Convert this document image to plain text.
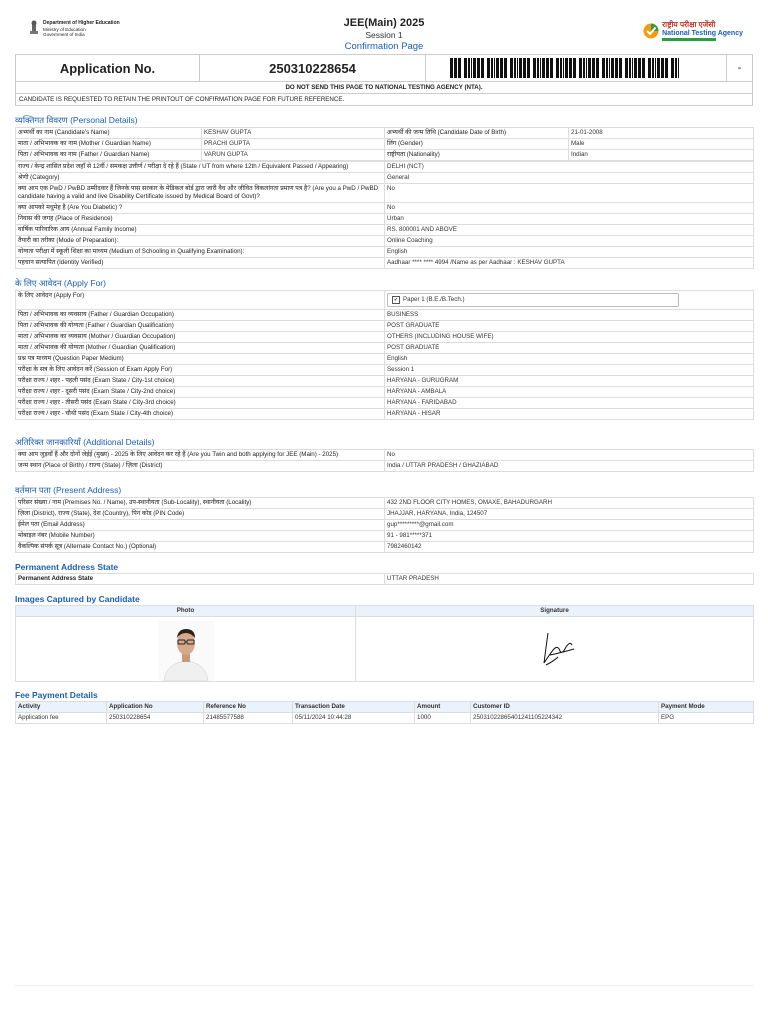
Department of Higher Education
Ministry of Education
Government of India
JEE(Main) 2025
Session 1
Confirmation Page
राष्ट्रीय परीक्षा एजेंसी
National Testing Agency
Application No.	250310228654	-
DO NOT SEND THIS PAGE TO NATIONAL TESTING AGENCY (NTA).
CANDIDATE IS REQUESTED TO RETAIN THE PRINTOUT OF CONFIRMATION PAGE FOR FUTURE REFERENCE.
व्यक्तिगत विवरण (Personal Details)
अभ्यर्थी का नाम (Candidate's Name)	KESHAV GUPTA	अभ्यर्थी की जन्म तिथि (Candidate Date of Birth)	21-01-2008
माता / अभिभावक का नाम (Mother / Guardian Name)	PRACHI GUPTA	लिंग (Gender)	Male
पिता / अभिभावक का नाम (Father / Guardian Name)	VARUN GUPTA	राष्ट्रीयता (Nationality)	Indian
राज्य / केन्द्र शासित प्रदेश जहाँ से 12वीं / समकक्ष उत्तीर्ण / परीक्षा दे रहे हैं (State / UT from where 12th / Equivalent Passed / Appearing)	DELHI (NCT)
श्रेणी (Category)	General
क्या आप एक PwD / PwBD उम्मीदवार हैं जिनके पास सरकार के मेडिकल बोर्ड द्वारा जारी वैध और जीवित विकलांगता प्रमाण पत्र है? (Are you a PwD / PwBD candidate having a valid and live Disability Certificate issued by Medical Board of Govt)?	No
क्या आपको मधुमेह है (Are You Diabetic) ?	No
निवास की जगह (Place of Residence)	Urban
वार्षिक पारिवारिक आय (Annual Family Income)	RS. 800001 AND ABOVE
तैयारी का तरीका (Mode of Preparation):	Online Coaching
योग्यता परीक्षा में स्कूली शिक्षा का माध्यम (Medium of Schooling in Qualifying Examination):	English
पहचान सत्यापित (Identity Verified)	Aadhaar **** **** 4994 /Name as per Aadhaar : KESHAV GUPTA
के लिए आवेदन (Apply For)
के लिए आवेदन (Apply For)	✔ Paper 1 (B.E./B.Tech.)

पिता / अभिभावक का व्यवसाय (Father / Guardian Occupation)	BUSINESS
पिता / अभिभावक की योग्यता (Father / Guardian Qualification)	POST GRADUATE
माता / अभिभावक का व्यवसाय (Mother / Guardian Occupation)	OTHERS (INCLUDING HOUSE WIFE)
माता / अभिभावक की योग्यता (Mother / Guardian Qualification)	POST GRADUATE
प्रश्न पत्र माध्यम (Question Paper Medium)	English
परीक्षा के सत्र के लिए आवेदन करें (Session of Exam Apply For)	Session 1
परीक्षा राज्य / शहर - पहली पसंद (Exam State / City-1st choice)	HARYANA - GURUGRAM
परीक्षा राज्य / शहर - दूसरी पसंद (Exam State / City-2nd choice)	HARYANA - AMBALA
परीक्षा राज्य / शहर - तीसरी पसंद (Exam State / City-3rd choice)	HARYANA - FARIDABAD
परीक्षा राज्य / शहर - चौथी पसंद (Exam State / City-4th choice)	HARYANA - HISAR
अतिरिक्त जानकारियाँ (Additional Details)
क्या आप जुड़वाँ हैं और दोनों जेईई (मुख्य) - 2025 के लिए आवेदन कर रहे हैं (Are you Twin and both applying for JEE (Main) - 2025)	No
जन्म स्थान (Place of Birth) / राज्य (State) / ज़िला (District)	India / UTTAR PRADESH / GHAZIABAD
वर्तमान पता (Present Address)
परिसर संख्या / नाम (Premises No. / Name), उप-स्थानीयता (Sub-Locality), स्थानीयता (Locality)	432 2ND FLOOR CITY HOMES, OMAXE, BAHADURGARH
ज़िला (District), राज्य (State), देश (Country), पिन कोड (PIN Code)	JHAJJAR, HARYANA, India, 124507
ईमेल पता (Email Address)	gup*********@gmail.com
मोबाइल नंबर (Mobile Number)	91 - 981*****371
वैकल्पिक संपर्क सूत्र (Alternate Contact No.) (Optional)	7982460142
Permanent Address State
Permanent Address State	UTTAR PRADESH
Images Captured by Candidate
Photo	Signature

Fee Payment Details
Activity	Application No	Reference No	Transaction Date	Amount	Customer ID	Payment Mode
Application fee	250310228654	21485577588	05/11/2024 10:44:28	1000	2503102286540124110522434​2	EPG
